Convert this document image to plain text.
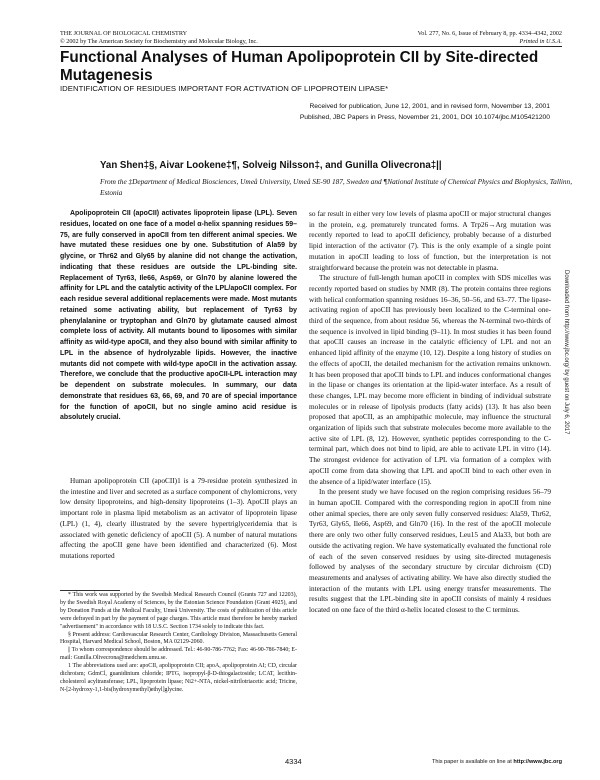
THE JOURNAL OF BIOLOGICAL CHEMISTRY
© 2002 by The American Society for Biochemistry and Molecular Biology, Inc.
Vol. 277, No. 6, Issue of February 8, pp. 4334–4342, 2002
Printed in U.S.A.
Functional Analyses of Human Apolipoprotein CII by Site-directed Mutagenesis
IDENTIFICATION OF RESIDUES IMPORTANT FOR ACTIVATION OF LIPOPROTEIN LIPASE*
Received for publication, June 12, 2001, and in revised form, November 13, 2001
Published, JBC Papers in Press, November 21, 2001, DOI 10.1074/jbc.M105421200
Yan Shen‡§, Aivar Lookene‡¶, Solveig Nilsson‡, and Gunilla Olivecrona‡||
From the ‡Department of Medical Biosciences, Umeå University, Umeå SE-90 187, Sweden and ¶National Institute of Chemical Physics and Biophysics, Tallinn, Estonia
Apolipoprotein CII (apoCII) activates lipoprotein lipase (LPL). Seven residues, located on one face of a model α-helix spanning residues 59–75, are fully conserved in apoCII from ten different animal species. We have mutated these residues one by one. Substitution of Ala59 by glycine, or Thr62 and Gly65 by alanine did not change the activation, indicating that these residues are outside the LPL-binding site. Replacement of Tyr63, Ile66, Asp69, or Gln70 by alanine lowered the affinity for LPL and the catalytic activity of the LPL/apoCII complex. For each residue several additional replacements were made. Most mutants retained some activating ability, but replacement of Tyr63 by phenylalanine or tryptophan and Gln70 by glutamate caused almost complete loss of activity. All mutants bound to liposomes with similar affinity as wild-type apoCII, and they also bound with similar affinity to LPL in the absence of hydrolyzable lipids. However, the inactive mutants did not compete with wild-type apoCII in the activation assay. Therefore, we conclude that the productive apoCII-LPL interaction may be dependent on substrate molecules. In summary, our data demonstrate that residues 63, 66, 69, and 70 are of special importance for the function of apoCII, but no single amino acid residue is absolutely crucial.

Human apolipoprotein CII (apoCII)1 is a 79-residue protein synthesized in the intestine and liver and secreted as a surface component of chylomicrons, very low density lipoproteins, and high-density lipoproteins (1–3). ApoCII plays an important role in plasma lipid metabolism as an activator of lipoprotein lipase (LPL) (1, 4), clearly illustrated by the severe hypertriglyceridemia that is associated with genetic deficiency of apoCII (5). A number of natural mutations affecting the apoCII gene have been identified and characterized (6). Most mutations reported

* This work was supported by the Swedish Medical Research Council (Grants 727 and 12203), by the Swedish Royal Academy of Sciences, by the Estonian Science Foundation (Grant 4925), and by Donation Funds at the Medical Faculty, Umeå University. The costs of publication of this article were defrayed in part by the payment of page charges. This article must therefore be hereby marked "advertisement" in accordance with 18 U.S.C. Section 1734 solely to indicate this fact.

§ Present address: Cardiovascular Research Center, Cardiology Division, Massachusetts General Hospital, Harvard Medical School, Boston, MA 02129-2060.

|| To whom correspondence should be addressed. Tel.: 46-90-786-7762; Fax: 46-90-786-7840; E-mail: Gunilla.Olivecrona@medchem.umu.se.

1 The abbreviations used are: apoCII, apolipoprotein CII; apoA, apolipoprotein AI; CD, circular dichroism; GdmCl, guanidinium chloride; IPTG, isopropyl-β-D-thiogalactoside; LCAT, lecithin-cholesterol acyltransferase; LPL, lipoprotein lipase; Ni2+-NTA, nickel-nitrilotriacetic acid; Tricine, N-[2-hydroxy-1,1-bis(hydroxymethyl)ethyl]glycine.

so far result in either very low levels of plasma apoCII or major structural changes in the protein, e.g. prematurely truncated forms. A Trp26→Arg mutation was recently reported to lead to apoCII deficiency, probably because of a disturbed lipid interaction of the activator (7). This is the only example of a single point mutation in apoCII leading to loss of function, but the interpretation is not straightforward because the protein was not detectable in plasma.

The structure of full-length human apoCII in complex with SDS micelles was recently reported based on studies by NMR (8). The protein contains three regions with helical conformation spanning residues 16–36, 50–56, and 63–77. The lipase-activating region of apoCII has previously been localized to the C-terminal one-third of the sequence, from about residue 56, whereas the N-terminal two-thirds of the sequence is involved in lipid binding (9–11). In most studies it has been found that apoCII causes an increase in the catalytic efficiency of LPL and not an enhanced lipid affinity of the enzyme (10, 12). Despite a long history of studies on the effects of apoCII, the detailed mechanism for the activation remains unknown. It has been proposed that apoCII binds to LPL and induces conformational changes in the lipase or changes its orientation at the lipid-water interface. As a result of these changes, LPL may become more efficient in binding of individual substrate molecules or in release of lipolysis products (fatty acids) (13). It has also been proposed that apoCII, as an amphipathic molecule, may influence the structural organization of lipids such that substrate molecules become more available to the active site of LPL (8, 12). However, synthetic peptides corresponding to the C-terminal part, which does not bind to lipid, are able to activate LPL in vitro (14). The strongest evidence for activation of LPL via formation of a complex with apoCII come from data showing that LPL and apoCII bind to each other even in the absence of a lipid/water interface (15).

In the present study we have focused on the region comprising residues 56–79 in human apoCII. Compared with the corresponding region in apoCII from nine other animal species, there are only seven fully conserved residues: Ala59, Thr62, Tyr63, Gly65, Ile66, Asp69, and Gln70 (16). In the rest of the apoCII molecule there are only two other fully conserved residues, Leu15 and Ala33, but both are outside the activating region. We have systematically evaluated the functional role of each of the seven conserved residues by using site-directed mutagenesis followed by analyses of the secondary structure by circular dichroism (CD) measurements and analyses of activating ability. We have also directly studied the interaction of the mutants with LPL using energy transfer measurements. The results suggest that the LPL-binding site in apoCII consists of mainly 4 residues located on one face of the third α-helix located closest to the C terminus.

Downloaded from http://www.jbc.org/ by guest on July 6, 2017
4334	This paper is available on line at http://www.jbc.org
